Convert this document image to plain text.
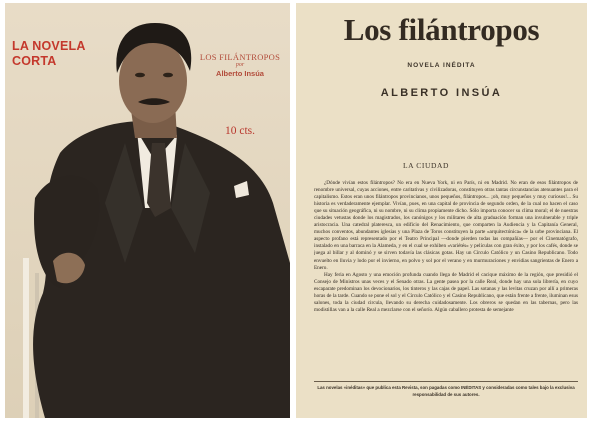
LA NOVELA CORTA	LOS FILÁNTROPOS
por
Alberto Insúa
10 cts.
Los filántropos
NOVELA INÉDITA
ALBERTO INSÚA
LA CIUDAD

¿Dónde vivían estos filántropos? No era en Nueva York, ni en París, ni en Madrid. No eran de esos filántropos de renombre universal, cuyas acciones, entre caritativas y civilizadoras, constituyen otras tantas circunstancias atenuantes para el capitalismo. Estos eran unos filántropos provincianos, unos pequeños, filántropos... ¡oh, muy pequeños y muy curiosos!... Su historia es verdaderamente ejemplar. Vivían, pues, en una capital de provincia de segundo orden, de la cual no hacen el caso que su situación geográfica, ni su nombre, ni su clima propiamente dicho. Sólo importa conocer su clima moral; el de nuestras ciudades vetustas donde los magistrados, los canónigos y los militares de alta graduación forman una invulnerable y triple aristocracia. Una catedral plateresca, un edificio del Renacimiento, que comparten la Audiencia y la Capitanía General, muchos conventos, abundantes iglesias y una Plaza de Toros constituyen la parte «arquitectónica» de la urbe provinciana. El aspecto profano está representado por el Teatro Principal —donde pierden todas las compañías— por el Cinematógrafo, instalado en una barraca en la Alameda, y en el cual se exhiben «variétés» y películas con gran éxito, y por los cafés, donde se juega al billar y al dominó y se sirven todavía las clásicas gotas. Hay un Círculo Católico y un Casino Republicano. Todo envuelto en lluvia y lodo por el invierno, en polvo y sol por el verano y en murmuraciones y envidias sangrientas de Enero a Enero.

Hay feria en Agosto y una emoción profunda cuando llega de Madrid el cacique máximo de la región, que presidió el Consejo de Ministros unas veces y el Senado otras. La gente pasea por la calle Real, donde hay una sola librería, en cuyo escaparate predominan los devocionarios, los tinteros y las cajas de papel. Las sotanas y las levitas cruzan por allí a primeras horas de la tarde. Cuando se pone el sol y el Círculo Católico y el Casino Republicano, que están frente a frente, iluminan esus salones, toda la ciudad circula, llevando su derecha cuidadosamente. Los obreros se quedan en las tabernas, pero las modistillas van a la calle Real a mezclarse con el señorío. Algún caballero protesta de semejante

Las novelas «inéditas» que publica esta Revista, son pagadas como INÉDITAS y consideradas como tales bajo la exclusiva responsabilidad de sus autores.
